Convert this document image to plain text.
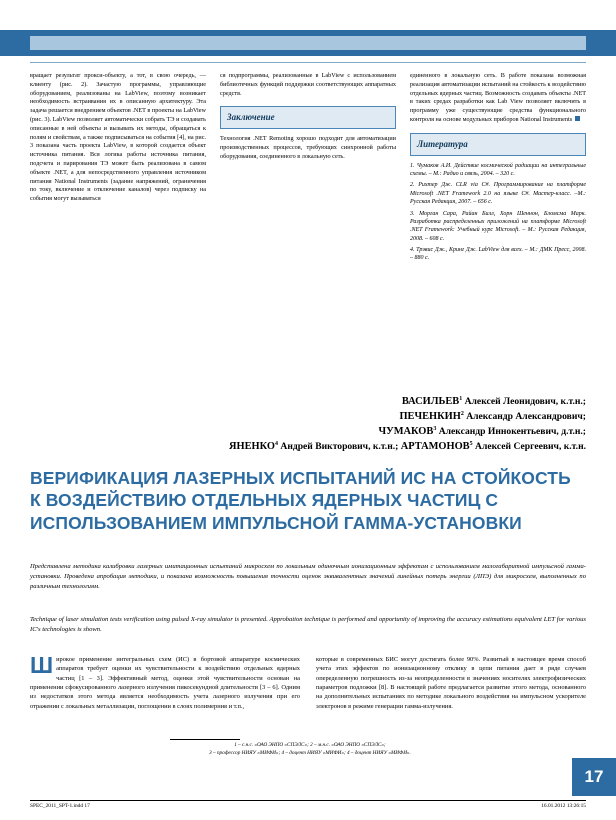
вращает результат прокси-объекту, а тот, в свою очередь, — клиенту (рис. 2). Зачастую программы, управляющие оборудованием, реализованы на LabView, поэтому возникает необходимость встраивания их в описанную архитектуру. Эта задача решается внедрением объектов .NET в проекты на LabView (рис. 3). LabView позволяет автоматически собрать ТЭ и создавать описанные в ней объекты и вызывать их методы, обращаться к полям и свойствам, а также подписываться на события [4], на рис. 3 показана часть проекта LabView, в которой создается объект источника питания. Вся логика работы источника питания, подсчета и парирования ТЭ может быть реализована в самом объекте .NET, а для непосредственного управления источником питания National Instruments (задание напряжений, ограничения по току, включение и отключение каналов) через подписку на события могут вызываться

ся подпрограммы, реализованные в LabView с использованием библиотечных функций поддержки соответствующих аппаратных средств.

Заключение

Технология .NET Remoting хорошо подходит для автоматизации производственных процессов, требующих синхронной работы оборудования, соединенного в локальную сеть.

единенного в локальную сеть. В работе показана возможная реализация автоматизации испытаний на стойкость к воздействию отдельных ядерных частиц. Возможность создавать объекты .NET в таких средах разработки как Lab View позволяет включить в программу уже существующие средства функционального контроля на основе модульных приборов National Instruments

Литература

1. Чумаков А.И. Действие космической радиации на интегральные схемы. – М.: Радио и связь, 2004. – 320 с.

2. Рихтер Дж. CLR via C#. Программирование на платформе Microsoft .NET Framework 2.0 на языке C#. Мастер-класс. –М.: Русская Редакция, 2007. – 656 с.

3. Морган Сара, Райан Билл, Хорн Шеннон, Бломсма Марк. Разработка распределенных приложений на платформе Microsoft .NET Framework: Учебный курс Microsoft. – М.: Русская Редакция, 2008. – 608 с.

4. Трэвис Дж., Кринг Дж. LabView для всех. – М.: ДМК Пресс, 2008. – 880 с.

ВАСИЛЬЕВ$^1$ Алексей Леонидович, к.т.н.;
ПЕЧЕНКИН$^2$ Александр Александрович;
ЧУМАКОВ$^3$ Александр Иннокентьевич, д.т.н.;
ЯНЕНКО$^4$ Андрей Викторович, к.т.н.; АРТАМОНОВ$^5$ Алексей Сергеевич, к.т.н.
ВЕРИФИКАЦИЯ ЛАЗЕРНЫХ ИСПЫТАНИЙ ИС НА СТОЙКОСТЬ К ВОЗДЕЙСТВИЮ ОТДЕЛЬНЫХ ЯДЕРНЫХ ЧАСТИЦ С ИСПОЛЬЗОВАНИЕМ ИМПУЛЬСНОЙ ГАММА-УСТАНОВКИ
Представлена методика калибровки лазерных имитационных испытаний микросхем по локальным одиночным ионизационным эффектам с использованием малогабаритной импульсной гамма-установки. Проведена апробация методики, и показана возможность повышения точности оценок эквивалентных значений линейных потерь энергии (ЛПЭ) для микросхем, выполненных по различным технологиям.
Technique of laser simulation tests verification using pulsed X-ray simulator is presented. Approbation technique is performed and opportunity of improving the accuracy estimations equivalent LET for various IC's technologies is shown.

Широкое применение интегральных схем (ИС) в бортовой аппаратуре космических аппаратов требует оценки их чувствительности к воздействию отдельных ядерных частиц [1 – 3]. Эффективный метод, оценки этой чувствительности основан на применении сфокусированного лазерного излучения пикосекундной длительности [3 – 6]. Одним из недостатков этого метода является необходимость учета лазерного излучения при его отражении с локальных металлизации, поглощении в слоях полимерния и т.п.,

которые в современных БИС могут достигать более 90%. Развитый в настоящее время способ учета этих эффектов по ионизационному отклику в цепи питания дает в ряде случаев опеределенную погрешность из-за неопределенности в значениях носителях электрофизических параметров подложки [8]. В настоящей работе предлагается развитие этого метода, основанного на дополнительных испытаниях по методике локального воздействия на импульсном ускорителе электронов в режиме генерации гамма-излучения.

1 – с.н.с. «ОАО ЭНПО «СПЭЛС»; 2 – м.н.с. «ОАО ЭНПО «СПЭЛС»;
3 – профессор НИЯУ «МИФИ»; 4 – доцент НИЯУ «МИФИ»; 4 – доцент НИЯУ «МИФИ».
17
SPEC_2011_SPT-1.indd 17	16.01.2012 13:26:15
